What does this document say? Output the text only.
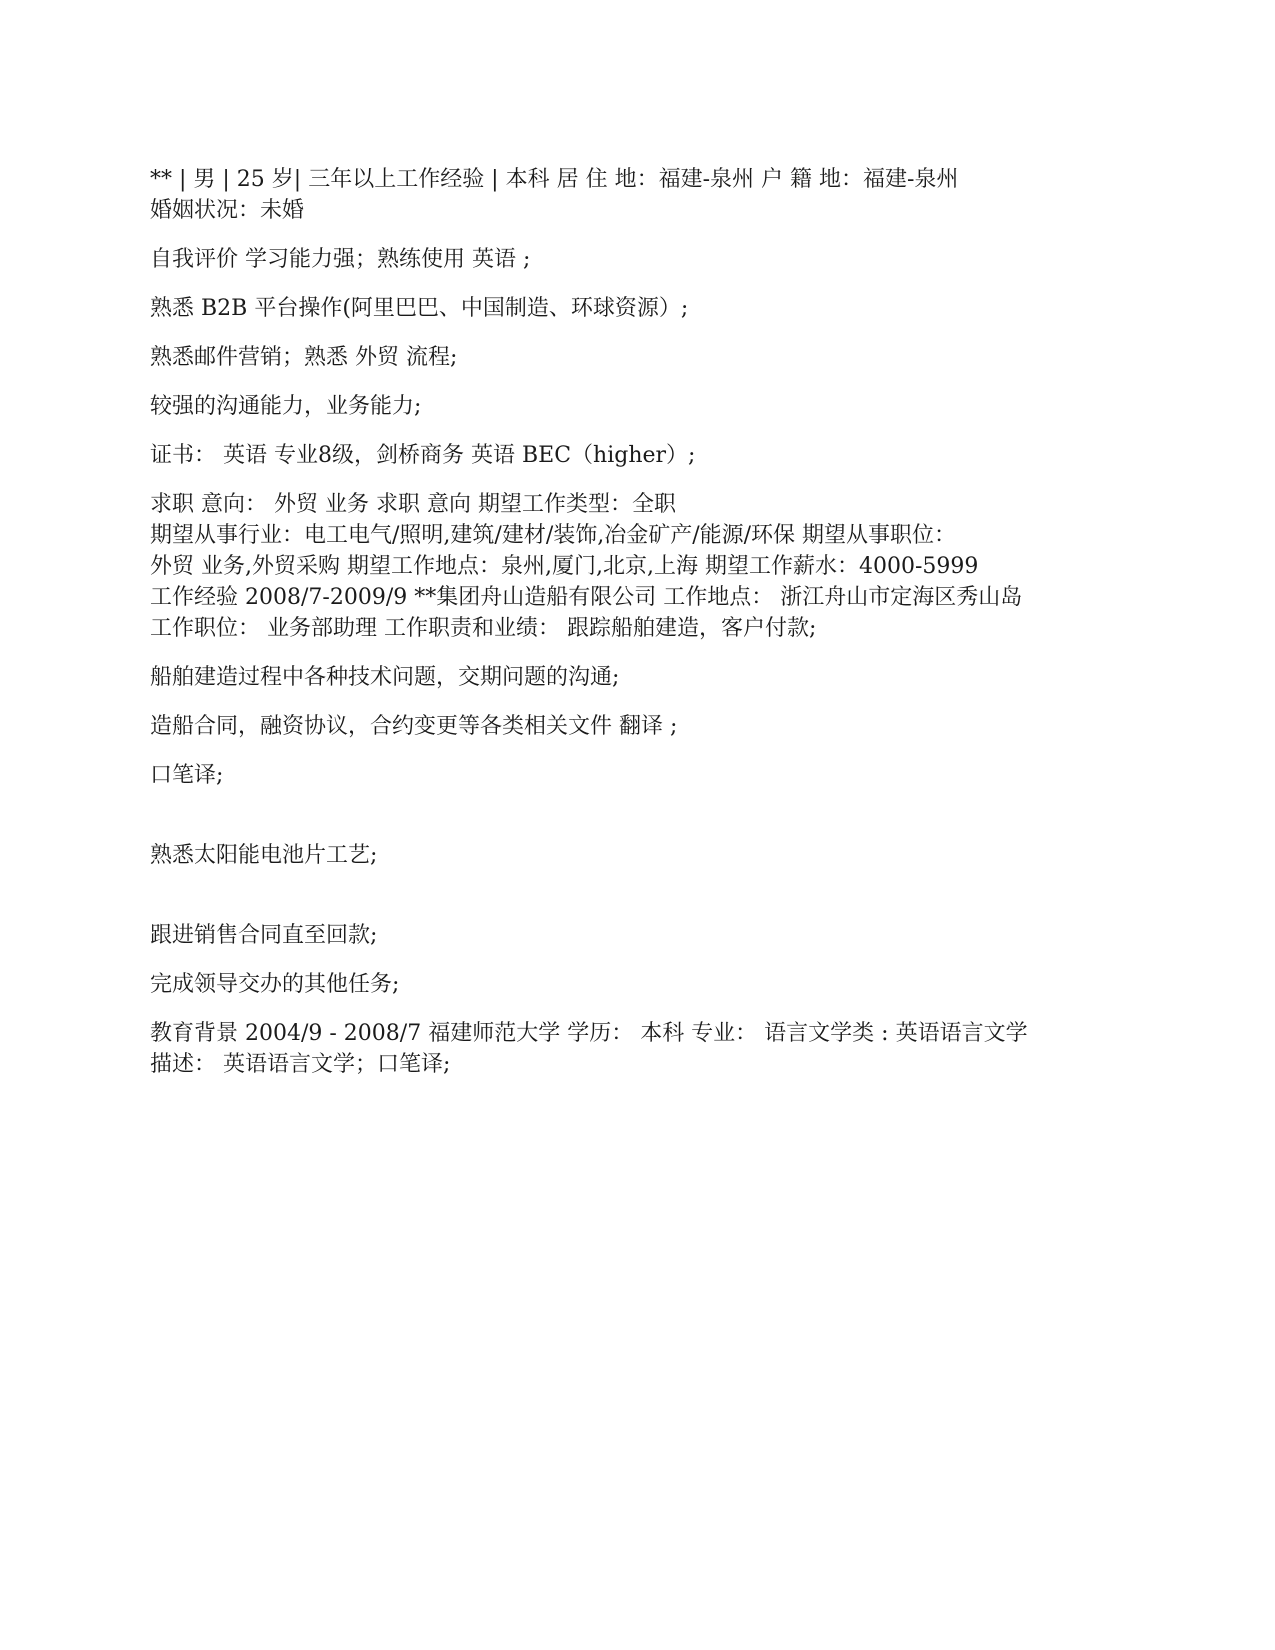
** | 男 | 25 岁| 三年以上工作经验 | 本科 居 住 地：福建-泉州 户 籍 地：福建-泉州
婚姻状况：未婚
自我评价 学习能力强；熟练使用 英语 ;
熟悉 B2B 平台操作(阿里巴巴、中国制造、环球资源）;
熟悉邮件营销；熟悉 外贸 流程;
较强的沟通能力，业务能力;
证书： 英语 专业8级，剑桥商务 英语 BEC（higher）;
求职 意向： 外贸 业务 求职 意向 期望工作类型：全职
期望从事行业：电工电气/照明,建筑/建材/装饰,冶金矿产/能源/环保 期望从事职位：
外贸 业务,外贸采购 期望工作地点：泉州,厦门,北京,上海 期望工作薪水：4000-5999
工作经验 2008/7-2009/9 **集团舟山造船有限公司 工作地点： 浙江舟山市定海区秀山岛
工作职位： 业务部助理 工作职责和业绩： 跟踪船舶建造，客户付款;
船舶建造过程中各种技术问题，交期问题的沟通;
造船合同，融资协议，合约变更等各类相关文件 翻译 ;
口笔译;
熟悉太阳能电池片工艺;
跟进销售合同直至回款;
完成领导交办的其他任务;
教育背景 2004/9 - 2008/7 福建师范大学 学历： 本科 专业： 语言文学类 : 英语语言文学
描述： 英语语言文学；口笔译;
